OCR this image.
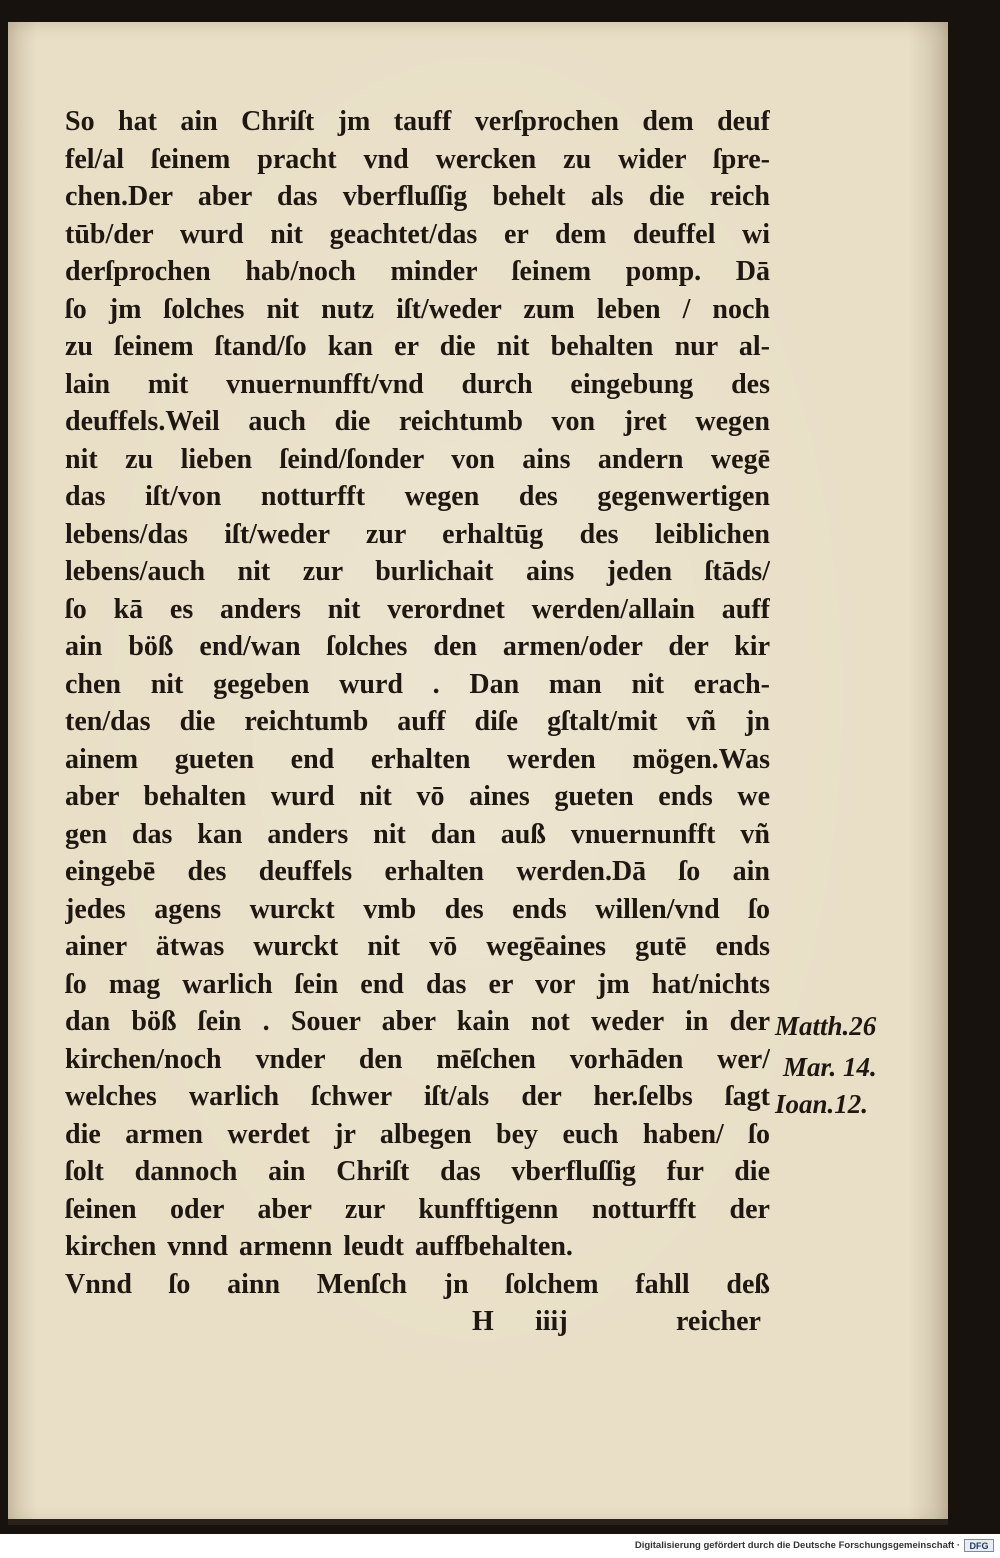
So hat ain Chriſt jm tauff verſprochen dem deuf
fel/al ſeinem pracht vnd wercken zu wider ſpre-
chen.Der aber das vberfluſſig behelt als die reich
tūb/der wurd nit geachtet/das er dem deuffel wi
derſprochen hab/noch minder ſeinem pomp. Dā
ſo jm ſolches nit nutz iſt/weder zum leben / noch
zu ſeinem ſtand/ſo kan er die nit behalten nur al-
lain mit vnuernunfft/vnd durch eingebung des
deuffels.Weil auch die reichtumb von jret wegen
nit zu lieben ſeind/ſonder von ains andern wegē
das iſt/von notturfft wegen des gegenwertigen
lebens/das iſt/weder zur erhaltūg des leiblichen
lebens/auch nit zur burlichait ains jeden ſtāds/
ſo kā es anders nit verordnet werden/allain auff
ain böß end/wan ſolches den armen/oder der kir
chen nit gegeben wurd . Dan man nit erach-
ten/das die reichtumb auff diſe gſtalt/mit vñ jn
ainem gueten end erhalten werden mögen.Was
aber behalten wurd nit vō aines gueten ends we
gen das kan anders nit dan auß vnuernunfft vñ
eingebē des deuffels erhalten werden.Dā ſo ain
jedes agens wurckt vmb des ends willen/vnd ſo
ainer ätwas wurckt nit vō wegēaines gutē ends
ſo mag warlich ſein end das er vor jm hat/nichts
dan böß ſein . Souer aber kain not weder in der
kirchen/noch vnder den mēſchen vorhāden wer/
welches warlich ſchwer iſt/als der her.ſelbs ſagt
die armen werdet jr albegen bey euch haben/ ſo
ſolt dannoch ain Chriſt das vberfluſſig fur die
ſeinen oder aber zur kunfftigenn notturfft der
kirchen vnnd armenn leudt auffbehalten.
Vnnd ſo ainn Menſch jn ſolchem fahll deß
Matth.26
Mar. 14.
Ioan.12.
H iiij	reicher
Digitalisierung gefördert durch die Deutsche Forschungsgemeinschaft ·	DFG
